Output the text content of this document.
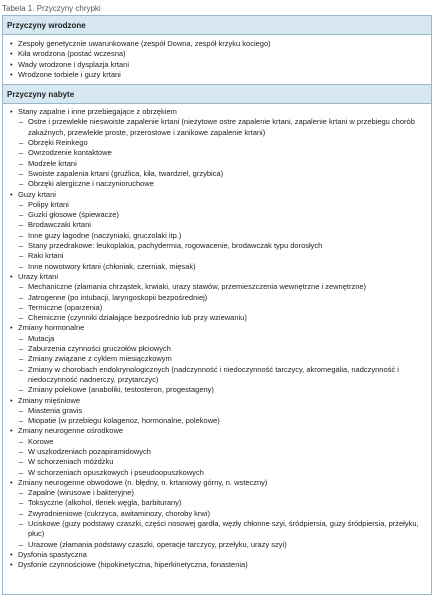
Tabela 1. Przyczyny chrypki
Przyczyny wrodzone
• Zespoły genetycznie uwarunkowane (zespół Downa, zespół krzyku kociego)
• Kiła wrodzona (postać wczesna)
• Wady wrodzone i dysplazja krtani
• Wrodzone torbiele i guzy krtani
Przyczyny nabyte
• Stany zapalne i inne przebiegające z obrzękiem
– Ostre i przewlekłe nieswoiste zapalenie krtani (nieżytowe ostre zapalenie krtani, zapalenie krtani w przebiegu chorób zakaźnych, przewlekłe proste, przerostowe i zanikowe zapalenie krtani)
– Obrzęki Reinkego
– Owrzodzenie kontaktowe
– Modzele krtani
– Swoiste zapalenia krtani (gruźlica, kiła, twardziel, grzybica)
– Obrzęki alergiczne i naczynioruchowe
• Guzy krtani
– Polipy krtani
– Guzki głosowe (śpiewacze)
– Brodawczaki krtani
– Inne guzy łagodne (naczyniaki, gruczolaki itp.)
– Stany przedrakowe: leukoplakia, pachydermia, rogowacenie, brodawczak typu dorosłych
– Raki krtani
– Inne nowotwory krtani (chłoniak, czerniak, mięsak)
• Urazy krtani
– Mechaniczne (złamania chrząstek, krwiaki, urazy stawów, przemieszczenia wewnętrzne i zewnętrzne)
– Jatrogenne (po intubacji, laryngoskopii bezpośredniej)
– Termiczne (oparzenia)
– Chemiczne (czynniki działające bezpośrednio lub przy wziewaniu)
• Zmiany hormonalne
– Mutacja
– Zaburzenia czynności gruczołów płciowych
– Zmiany związane z cyklem miesiączkowym
– Zmiany w chorobach endokrynologicznych (nadczynność i niedoczynność tarczycy, akromegalia, nadczynność i niedoczynność nadnerczy, przytarczyc)
– Zmiany polekowe (anaboliki, testosteron, progestageny)
• Zmiany mięśniowe
– Miastenia gravis
– Miopatie (w przebiegu kolagenoz, hormonalne, polekowe)
• Zmiany neurogenne ośrodkowe
– Korowe
– W uszkodzeniach pozapiramidowych
– W schorzeniach móżdżku
– W schorzeniach opuszkowych i pseudoopuszkowych
• Zmiany neurogenne obwodowe (n. błędny, n. krtaniowy górny, n. wsteczny)
– Zapalne (wirusowe i bakteryjne)
– Toksyczne (alkohol, tlenek węgla, barbiturany)
– Zwyrodnieniowe (cukrzyca, awitaminozy, choroby krwi)
– Uciskowe (guzy podstawy czaszki, części nosowej gardła, węzły chłonne szyi, śródpiersia, guzy śródpiersia, przełyku, płuc)
– Urazowe (złamania podstawy czaszki, operacje tarczycy, przełyku, urazy szyi)
• Dysfonia spastyczna
• Dysfonie czynnościowe (hipokinetyczna, hiperkinetyczna, fonastenia)
